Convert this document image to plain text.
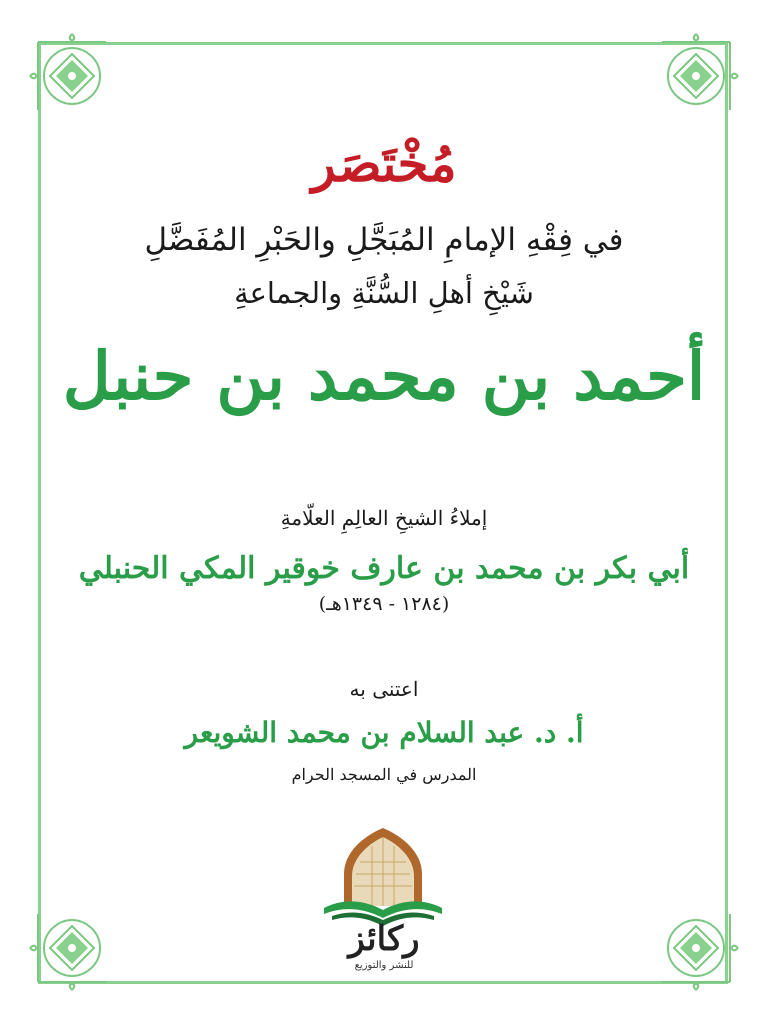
مُخْتَصَر
في فِقْهِ الإمامِ المُبَجَّلِ والحَبْرِ المُفَضَّلِ
شَيْخِ أهلِ السُّنَّةِ والجماعةِ
أحمد بن محمد بن حنبل
إملاءُ الشيخِ العالِمِ العلّامةِ
أبي بكر بن محمد بن عارف خوقير المكي الحنبلي
(١٢٨٤ - ١٣٤٩هـ)
اعتنى به
أ. د. عبد السلام بن محمد الشويعر
المدرس في المسجد الحرام
ركائز
للنشر والتوزيع
